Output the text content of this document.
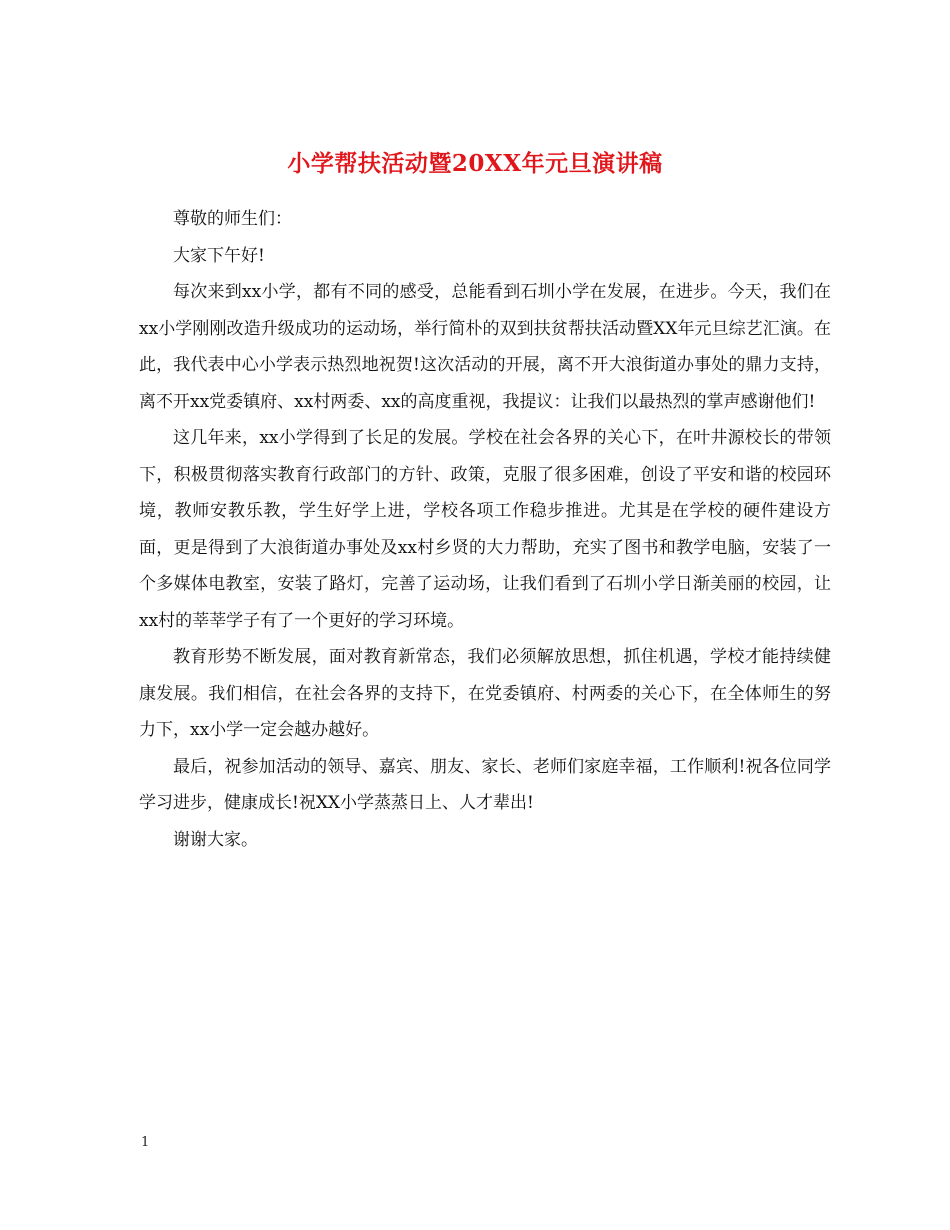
小学帮扶活动暨20XX年元旦演讲稿

尊敬的师生们：

大家下午好!

每次来到xx小学，都有不同的感受，总能看到石圳小学在发展，在进步。今天，我们在xx小学刚刚改造升级成功的运动场，举行简朴的双到扶贫帮扶活动暨XX年元旦综艺汇演。在此，我代表中心小学表示热烈地祝贺!这次活动的开展，离不开大浪街道办事处的鼎力支持，离不开xx党委镇府、xx村两委、xx的高度重视，我提议：让我们以最热烈的掌声感谢他们!

这几年来，xx小学得到了长足的发展。学校在社会各界的关心下，在叶井源校长的带领下，积极贯彻落实教育行政部门的方针、政策，克服了很多困难，创设了平安和谐的校园环境，教师安教乐教，学生好学上进，学校各项工作稳步推进。尤其是在学校的硬件建设方面，更是得到了大浪街道办事处及xx村乡贤的大力帮助，充实了图书和教学电脑，安装了一个多媒体电教室，安装了路灯，完善了运动场，让我们看到了石圳小学日渐美丽的校园，让xx村的莘莘学子有了一个更好的学习环境。

教育形势不断发展，面对教育新常态，我们必须解放思想，抓住机遇，学校才能持续健康发展。我们相信，在社会各界的支持下，在党委镇府、村两委的关心下，在全体师生的努力下，xx小学一定会越办越好。

最后，祝参加活动的领导、嘉宾、朋友、家长、老师们家庭幸福，工作顺利!祝各位同学学习进步，健康成长!祝XX小学蒸蒸日上、人才辈出!

谢谢大家。

1
